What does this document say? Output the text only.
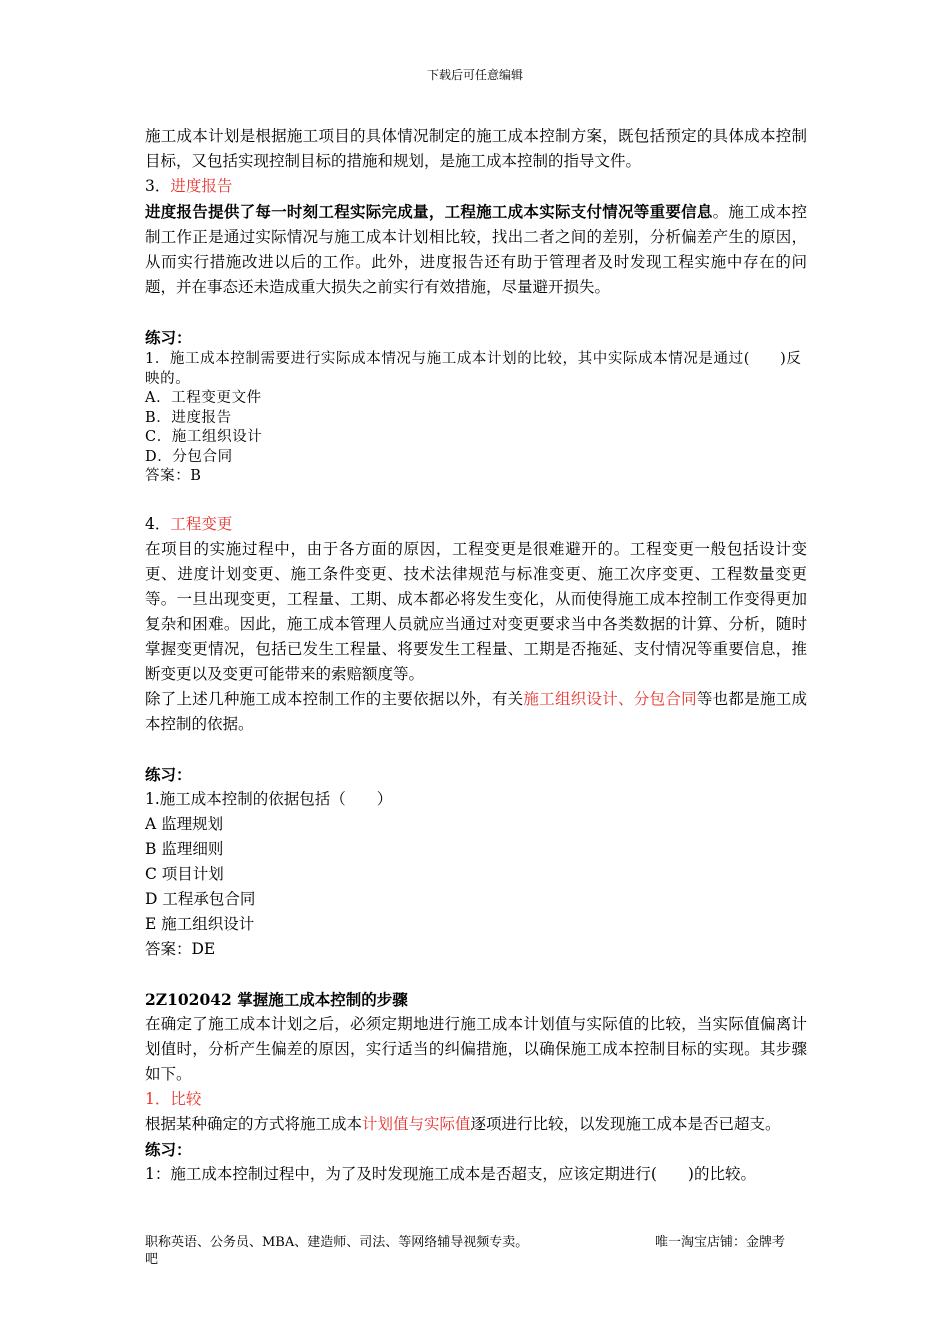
下载后可任意编辑

施工成本计划是根据施工项目的具体情况制定的施工成本控制方案，既包括预定的具体成本控制目标，又包括实现控制目标的措施和规划，是施工成本控制的指导文件。

3．进度报告

进度报告提供了每一时刻工程实际完成量，工程施工成本实际支付情况等重要信息。施工成本控制工作正是通过实际情况与施工成本计划相比较，找出二者之间的差别，分析偏差产生的原因，从而实行措施改进以后的工作。此外，进度报告还有助于管理者及时发现工程实施中存在的问题，并在事态还未造成重大损失之前实行有效措施，尽量避开损失。

练习：

1．施工成本控制需要进行实际成本情况与施工成本计划的比较，其中实际成本情况是通过(　　)反映的。

A．工程变更文件

B．进度报告

C．施工组织设计

D．分包合同

答案：B

4．工程变更

在项目的实施过程中，由于各方面的原因，工程变更是很难避开的。工程变更一般包括设计变更、进度计划变更、施工条件变更、技术法律规范与标准变更、施工次序变更、工程数量变更等。一旦出现变更，工程量、工期、成本都必将发生变化，从而使得施工成本控制工作变得更加复杂和困难。因此，施工成本管理人员就应当通过对变更要求当中各类数据的计算、分析，随时掌握变更情况，包括已发生工程量、将要发生工程量、工期是否拖延、支付情况等重要信息，推断变更以及变更可能带来的索赔额度等。

除了上述几种施工成本控制工作的主要依据以外，有关施工组织设计、分包合同等也都是施工成本控制的依据。

练习：

1.施工成本控制的依据包括（　　）

A 监理规划

B 监理细则

C 项目计划

D 工程承包合同

E 施工组织设计

答案：DE

2Z102042 掌握施工成本控制的步骤

在确定了施工成本计划之后，必须定期地进行施工成本计划值与实际值的比较，当实际值偏离计划值时，分析产生偏差的原因，实行适当的纠偏措施，以确保施工成本控制目标的实现。其步骤如下。

1．比较

根据某种确定的方式将施工成本计划值与实际值逐项进行比较，以发现施工成本是否已超支。

练习：

1：施工成本控制过程中，为了及时发现施工成本是否超支，应该定期进行(　　)的比较。

职称英语、公务员、MBA、建造师、司法、等网络辅导视频专卖。	唯一淘宝店铺：金牌考
吧
